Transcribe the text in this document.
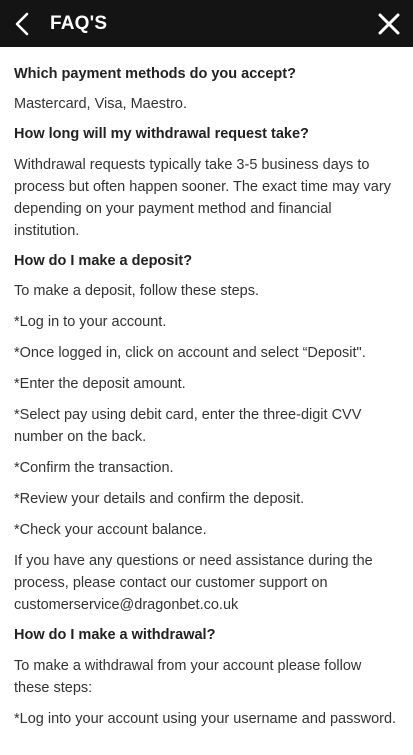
FAQ'S

Which payment methods do you accept?

Mastercard, Visa, Maestro.

How long will my withdrawal request take?

Withdrawal requests typically take 3-5 business days to process but often happen sooner. The exact time may vary depending on your payment method and financial institution.

How do I make a deposit?

To make a deposit, follow these steps.

*Log in to your account.

*Once logged in, click on account and select “Deposit".

*Enter the deposit amount.

*Select pay using debit card, enter the three-digit CVV number on the back.

*Confirm the transaction.

*Review your details and confirm the deposit.

*Check your account balance.

If you have any questions or need assistance during the process, please contact our customer support on customerservice@dragonbet.co.uk

How do I make a withdrawal?

To make a withdrawal from your account please follow these steps:

*Log into your account using your username and password.
